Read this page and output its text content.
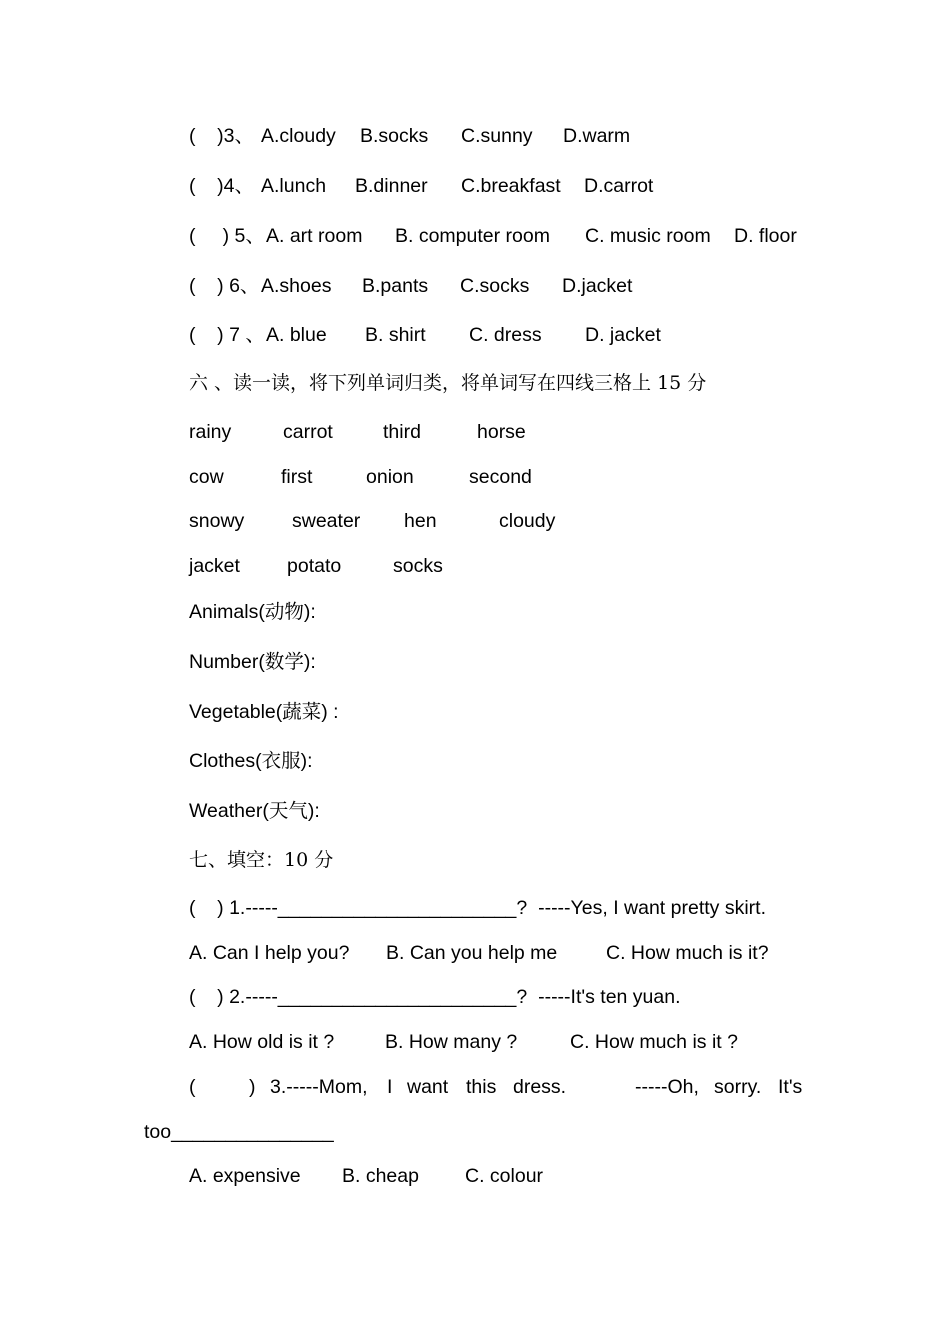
(    )3、

A.cloudy

B.socks

C.sunny

D.warm

(    )4、

A.lunch

B.dinner

C.breakfast

D.carrot

(     ) 5、

A. art room

B. computer room

C. music room

D. floor

(    ) 6、

A.shoes

B.pants

C.socks

D.jacket

(    ) 7 、

A. blue

B. shirt

C. dress

D. jacket

六 、读一读，将下列单词归类，将单词写在四线三格上 15 分

rainy

	carrot

	third

	horse

cow

	first

	onion

	second

snowy

sweater

hen

	cloudy

jacket

potato

	socks

Animals(动物):
Number(数学):
Vegetable(蔬菜) :
Clothes(衣服):
Weather(天气):
七、填空：10 分
(    ) 1.-----______________________?  -----Yes, I want pretty skirt.

A. Can I help you?

B. Can you help me

C. How much is it?

(    ) 2.-----______________________?  -----It's ten yuan.

A. How old is it ?

	B. How many ?

	C. How much is it ?

(

	)

3.-----Mom,

I

want

this

dress.

	-----Oh,

sorry.

It's

too_______________

A. expensive

B. cheap

C. colour
